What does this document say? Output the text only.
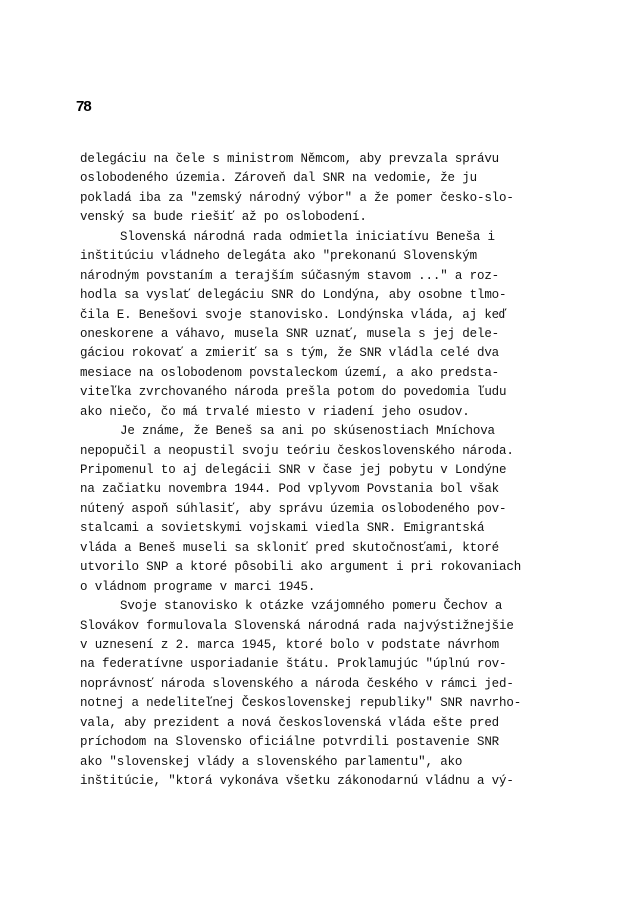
78
delegáciu na čele s ministrom Němcom, aby prevzala správu
oslobodeného územia. Zároveň dal SNR na vedomie, že ju
pokladá iba za "zemský národný výbor" a že pomer česko-slo-
venský sa bude riešiť až po oslobodení.
Slovenská národná rada odmietla iniciatívu Beneša i
inštitúciu vládneho delegáta ako "prekonanú Slovenským
národným povstaním a terajším súčasným stavom ..." a roz-
hodla sa vyslať delegáciu SNR do Londýna, aby osobne tlmo-
čila E. Benešovi svoje stanovisko. Londýnska vláda, aj keď
oneskorene a váhavo, musela SNR uznať, musela s jej dele-
gáciou rokovať a zmieriť sa s tým, že SNR vládla celé dva
mesiace na oslobodenom povstaleckom území, a ako predsta-
viteľka zvrchovaného národa prešla potom do povedomia ľudu
ako niečo, čo má trvalé miesto v riadení jeho osudov.
Je známe, že Beneš sa ani po skúsenostiach Mníchova
nepopučil a neopustil svoju teóriu československého národa.
Pripomenul to aj delegácii SNR v čase jej pobytu v Londýne
na začiatku novembra 1944. Pod vplyvom Povstania bol však
nútený aspoň súhlasiť, aby správu územia oslobodeného pov-
stalcami a sovietskymi vojskami viedla SNR. Emigrantská
vláda a Beneš museli sa skloniť pred skutočnosťami, ktoré
utvorilo SNP a ktoré pôsobili ako argument i pri rokovaniach
o vládnom programe v marci 1945.
Svoje stanovisko k otázke vzájomného pomeru Čechov a
Slovákov formulovala Slovenská národná rada najvýstižnejšie
v uznesení z 2. marca 1945, ktoré bolo v podstate návrhom
na federatívne usporiadanie štátu. Proklamujúc "úplnú rov-
noprávnosť národa slovenského a národa českého v rámci jed-
notnej a nedeliteľnej Československej republiky" SNR navrho-
vala, aby prezident a nová československá vláda ešte pred
príchodom na Slovensko oficiálne potvrdili postavenie SNR
ako "slovenskej vlády a slovenského parlamentu", ako
inštitúcie, "ktorá vykonáva všetku zákonodarnú vládnu a vý-
